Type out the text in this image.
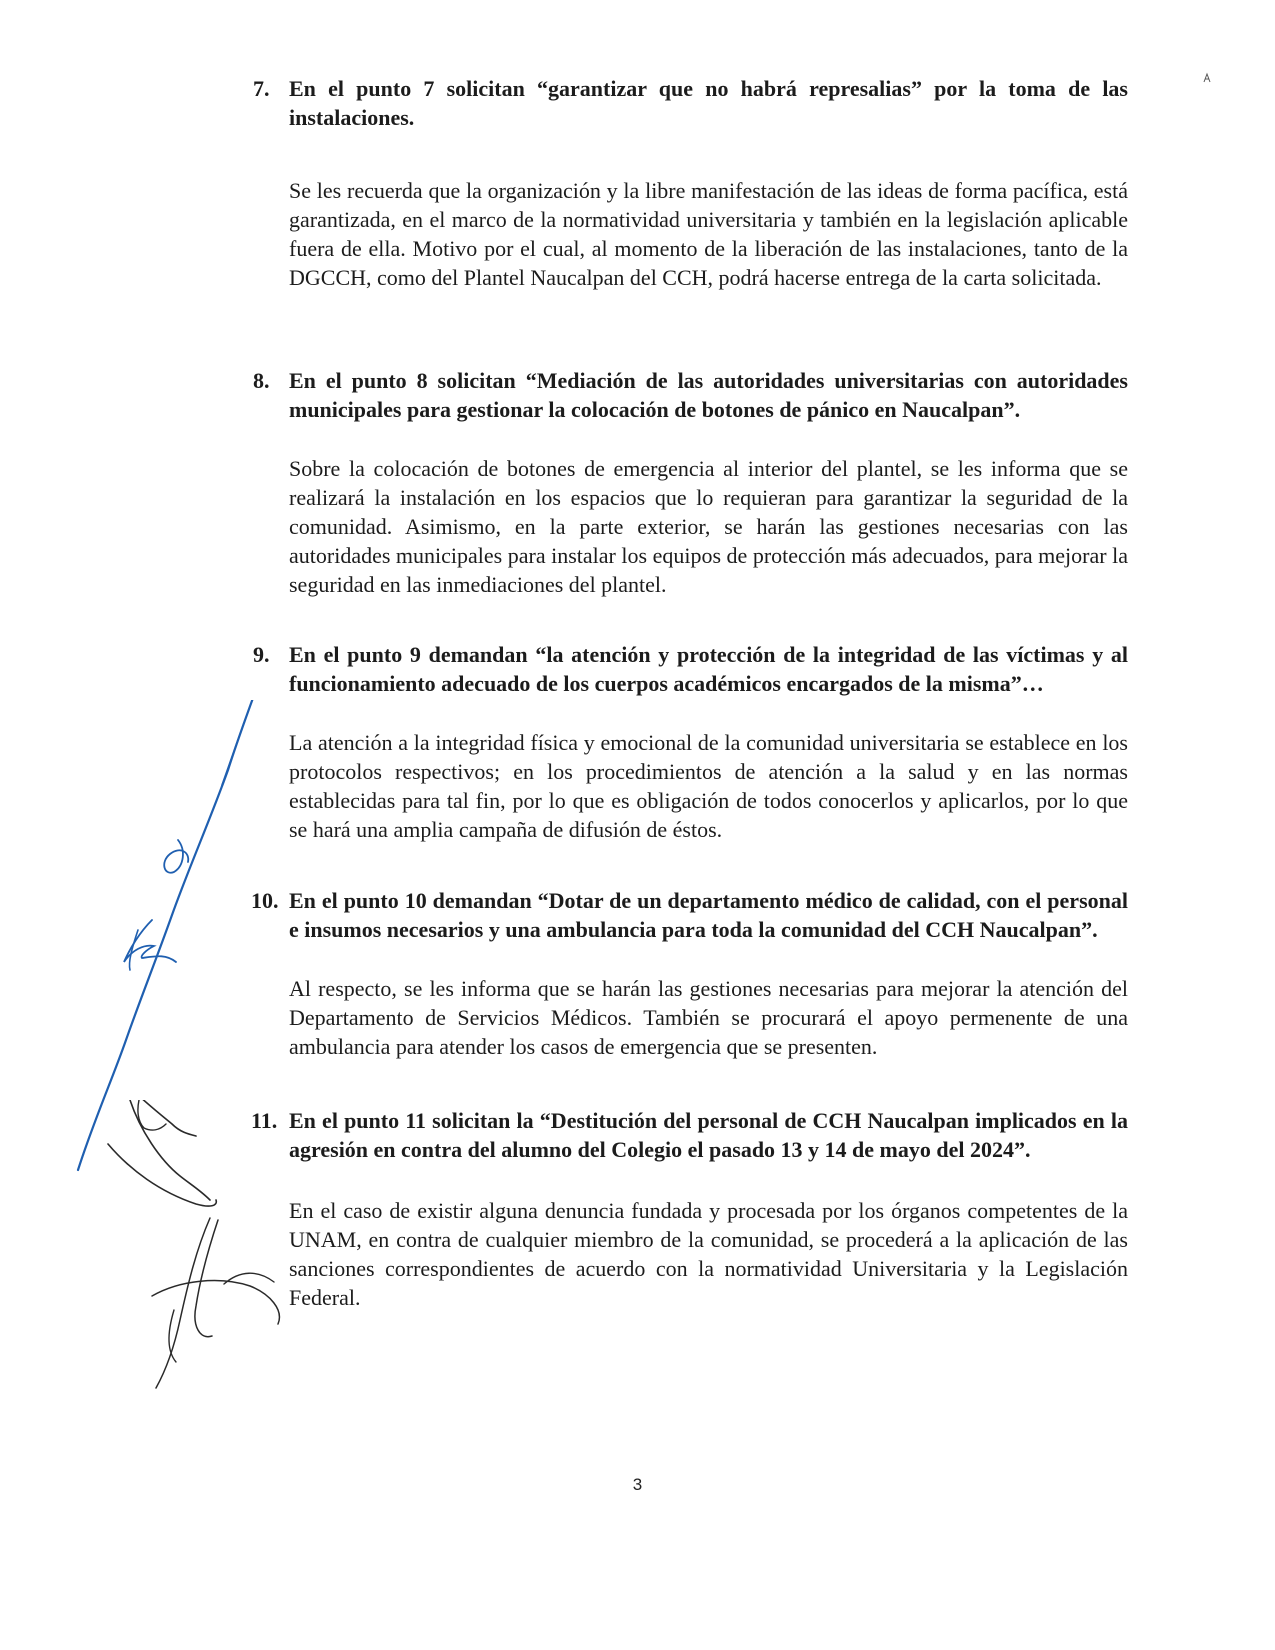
7. En el punto 7 solicitan “garantizar que no habrá represalias” por la toma de las instalaciones.

Se les recuerda que la organización y la libre manifestación de las ideas de forma pacífica, está garantizada, en el marco de la normatividad universitaria y también en la legislación aplicable fuera de ella. Motivo por el cual, al momento de la liberación de las instalaciones, tanto de la DGCCH, como del Plantel Naucalpan del CCH, podrá hacerse entrega de la carta solicitada.

8. En el punto 8 solicitan “Mediación de las autoridades universitarias con autoridades municipales para gestionar la colocación de botones de pánico en Naucalpan”.

Sobre la colocación de botones de emergencia al interior del plantel, se les informa que se realizará la instalación en los espacios que lo requieran para garantizar la seguridad de la comunidad. Asimismo, en la parte exterior, se harán las gestiones necesarias con las autoridades municipales para instalar los equipos de protección más adecuados, para mejorar la seguridad en las inmediaciones del plantel.

9. En el punto 9 demandan “la atención y protección de la integridad de las víctimas y al funcionamiento adecuado de los cuerpos académicos encargados de la misma”…

La atención a la integridad física y emocional de la comunidad universitaria se establece en los protocolos respectivos; en los procedimientos de atención a la salud y en las normas establecidas para tal fin, por lo que es obligación de todos conocerlos y aplicarlos, por lo que se hará una amplia campaña de difusión de éstos.

10. En el punto 10 demandan “Dotar de un departamento médico de calidad, con el personal e insumos necesarios y una ambulancia para toda la comunidad del CCH Naucalpan”.

Al respecto, se les informa que se harán las gestiones necesarias para mejorar la atención del Departamento de Servicios Médicos. También se procurará el apoyo permenente de una ambulancia para atender los casos de emergencia que se presenten.

11. En el punto 11 solicitan la “Destitución del personal de CCH Naucalpan implicados en la agresión en contra del alumno del Colegio el pasado 13 y 14 de mayo del 2024”.

En el caso de existir alguna denuncia fundada y procesada por los órganos competentes de la UNAM, en contra de cualquier miembro de la comunidad, se procederá a la aplicación de las sanciones correspondientes de acuerdo con la normatividad Universitaria y la Legislación Federal.

3
